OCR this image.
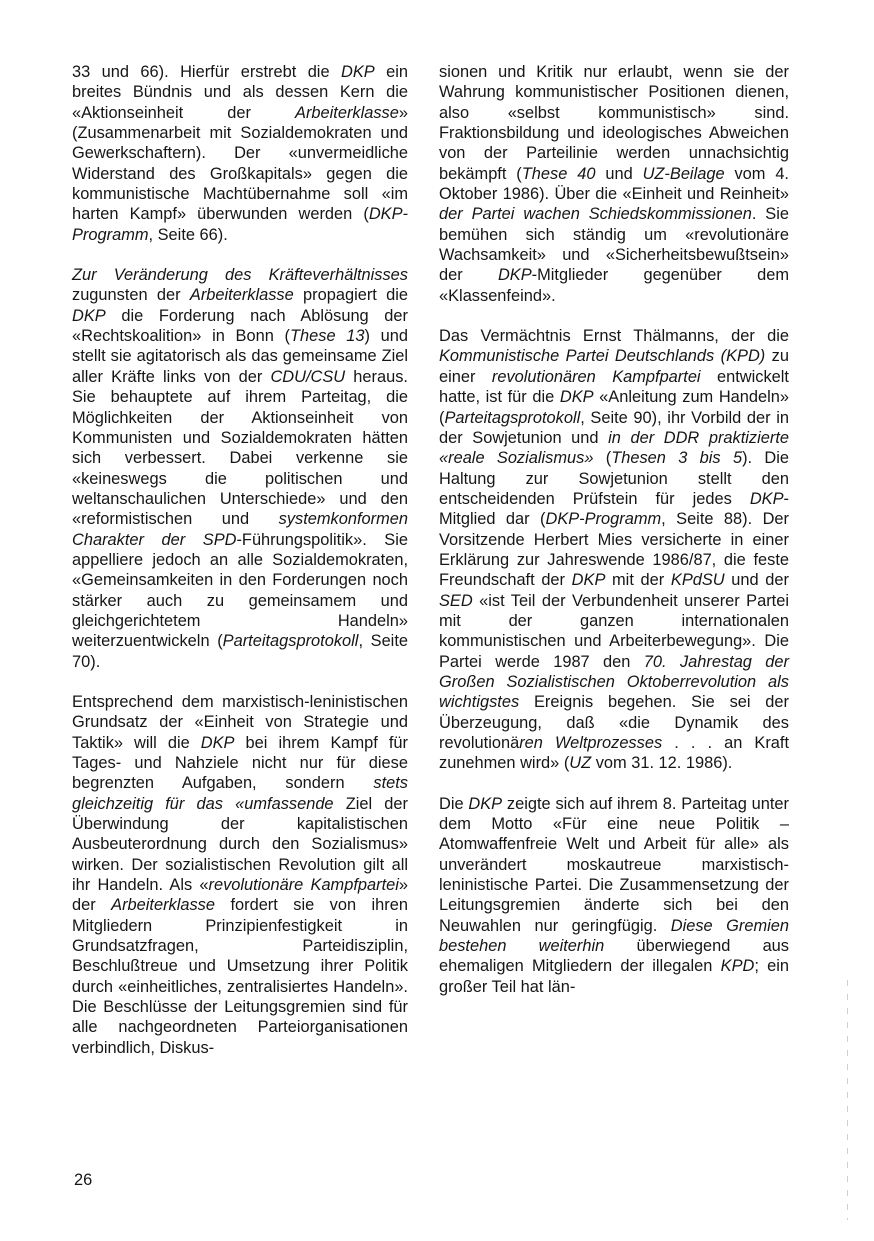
33 und 66). Hierfür erstrebt die DKP ein breites Bündnis und als dessen Kern die «Aktionseinheit der Arbeiterklasse» (Zusammenarbeit mit Sozialdemokraten und Gewerkschaftern). Der «unvermeidliche Widerstand des Großkapitals» gegen die kommunistische Machtübernahme soll «im harten Kampf» überwunden werden (DKP-Programm, Seite 66).

Zur Veränderung des Kräfteverhältnisses zugunsten der Arbeiterklasse propagiert die DKP die Forderung nach Ablösung der «Rechtskoalition» in Bonn (These 13) und stellt sie agitatorisch als das gemeinsame Ziel aller Kräfte links von der CDU/CSU heraus. Sie behauptete auf ihrem Parteitag, die Möglichkeiten der Aktionseinheit von Kommunisten und Sozialdemokraten hätten sich verbessert. Dabei verkenne sie «keineswegs die politischen und weltanschaulichen Unterschiede» und den «reformistischen und systemkonformen Charakter der SPD-Führungspolitik». Sie appelliere jedoch an alle Sozialdemokraten, «Gemeinsamkeiten in den Forderungen noch stärker auch zu gemeinsamem und gleichgerichtetem Handeln» weiterzuentwickeln (Parteitagsprotokoll, Seite 70).

Entsprechend dem marxistisch-leninistischen Grundsatz der «Einheit von Strategie und Taktik» will die DKP bei ihrem Kampf für Tages- und Nahziele nicht nur für diese begrenzten Aufgaben, sondern stets gleichzeitig für das «umfassende Ziel der Überwindung der kapitalistischen Ausbeuterordnung durch den Sozialismus» wirken. Der sozialistischen Revolution gilt all ihr Handeln. Als «revolutionäre Kampfpartei» der Arbeiterklasse fordert sie von ihren Mitgliedern Prinzipienfestigkeit in Grundsatzfragen, Parteidisziplin, Beschlußtreue und Umsetzung ihrer Politik durch «einheitliches, zentralisiertes Handeln». Die Beschlüsse der Leitungsgremien sind für alle nachgeordneten Parteiorganisationen verbindlich, Diskus-

sionen und Kritik nur erlaubt, wenn sie der Wahrung kommunistischer Positionen dienen, also «selbst kommunistisch» sind. Fraktionsbildung und ideologisches Abweichen von der Parteilinie werden unnachsichtig bekämpft (These 40 und UZ-Beilage vom 4. Oktober 1986). Über die «Einheit und Reinheit» der Partei wachen Schiedskommissionen. Sie bemühen sich ständig um «revolutionäre Wachsamkeit» und «Sicherheitsbewußtsein» der DKP-Mitglieder gegenüber dem «Klassenfeind».

Das Vermächtnis Ernst Thälmanns, der die Kommunistische Partei Deutschlands (KPD) zu einer revolutionären Kampfpartei entwickelt hatte, ist für die DKP «Anleitung zum Handeln» (Parteitagsprotokoll, Seite 90), ihr Vorbild der in der Sowjetunion und in der DDR praktizierte «reale Sozialismus» (Thesen 3 bis 5). Die Haltung zur Sowjetunion stellt den entscheidenden Prüfstein für jedes DKP-Mitglied dar (DKP-Programm, Seite 88). Der Vorsitzende Herbert Mies versicherte in einer Erklärung zur Jahreswende 1986/87, die feste Freundschaft der DKP mit der KPdSU und der SED «ist Teil der Verbundenheit unserer Partei mit der ganzen internationalen kommunistischen und Arbeiterbewegung». Die Partei werde 1987 den 70. Jahrestag der Großen Sozialistischen Oktoberrevolution als wichtigstes Ereignis begehen. Sie sei der Überzeugung, daß «die Dynamik des revolutionären Weltprozesses . . . an Kraft zunehmen wird» (UZ vom 31. 12. 1986).

Die DKP zeigte sich auf ihrem 8. Parteitag unter dem Motto «Für eine neue Politik – Atomwaffenfreie Welt und Arbeit für alle» als unverändert moskautreue marxistisch-leninistische Partei. Die Zusammensetzung der Leitungsgremien änderte sich bei den Neuwahlen nur geringfügig. Diese Gremien bestehen weiterhin überwiegend aus ehemaligen Mitgliedern der illegalen KPD; ein großer Teil hat län-

26
